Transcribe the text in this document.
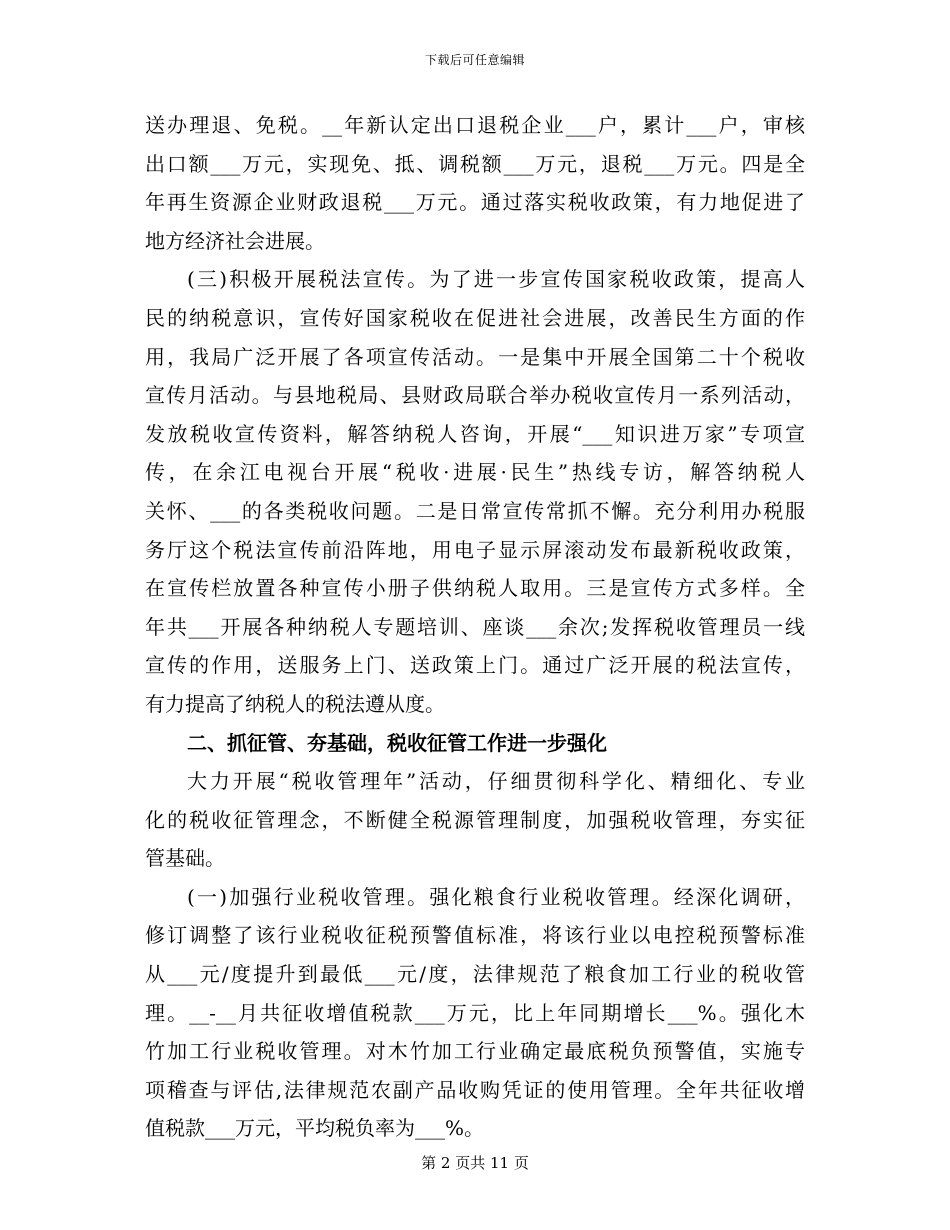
下载后可任意编辑
送办理退、免税。__年新认定出口退税企业___户，累计___户，审核
出口额___万元，实现免、抵、调税额___万元，退税___万元。四是全
年再生资源企业财政退税___万元。通过落实税收政策，有力地促进了
地方经济社会进展。
(三)积极开展税法宣传。为了进一步宣传国家税收政策，提高人
民的纳税意识，宣传好国家税收在促进社会进展，改善民生方面的作
用，我局广泛开展了各项宣传活动。一是集中开展全国第二十个税收
宣传月活动。与县地税局、县财政局联合举办税收宣传月一系列活动，
发放税收宣传资料，解答纳税人咨询，开展“___知识进万家”专项宣
传，在余江电视台开展“税收·进展·民生”热线专访，解答纳税人
关怀、___的各类税收问题。二是日常宣传常抓不懈。充分利用办税服
务厅这个税法宣传前沿阵地，用电子显示屏滚动发布最新税收政策，
在宣传栏放置各种宣传小册子供纳税人取用。三是宣传方式多样。全
年共___开展各种纳税人专题培训、座谈___余次;发挥税收管理员一线
宣传的作用，送服务上门、送政策上门。通过广泛开展的税法宣传，
有力提高了纳税人的税法遵从度。
二、抓征管、夯基础，税收征管工作进一步强化
大力开展“税收管理年”活动，仔细贯彻科学化、精细化、专业
化的税收征管理念，不断健全税源管理制度，加强税收管理，夯实征
管基础。
(一)加强行业税收管理。强化粮食行业税收管理。经深化调研，
修订调整了该行业税收征税预警值标准，将该行业以电控税预警标准
从___元/度提升到最低___元/度，法律规范了粮食加工行业的税收管
理。__-__月共征收增值税款___万元，比上年同期增长___%。强化木
竹加工行业税收管理。对木竹加工行业确定最底税负预警值，实施专
项稽查与评估,法律规范农副产品收购凭证的使用管理。全年共征收增
值税款___万元，平均税负率为___%。
第 2 页共 11 页
